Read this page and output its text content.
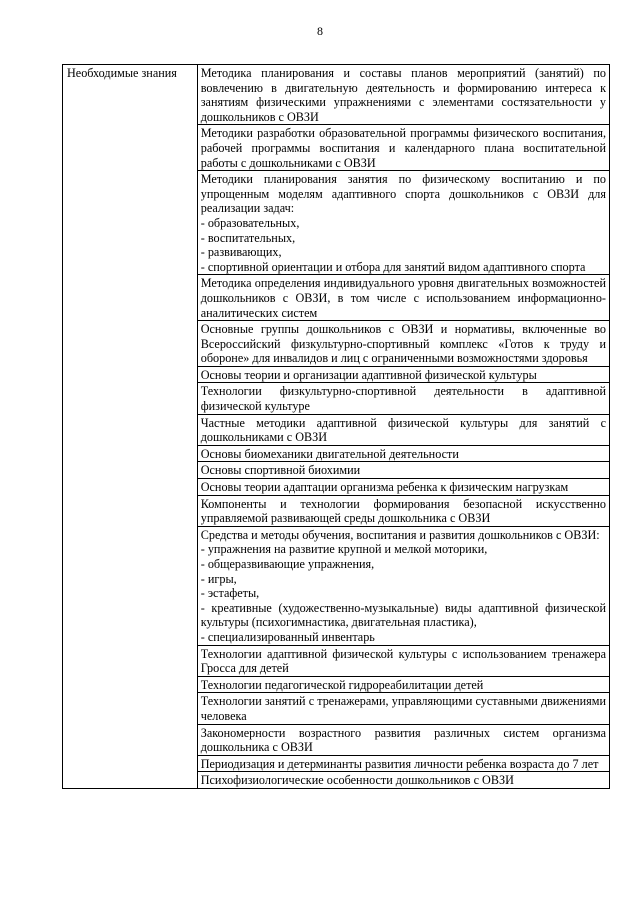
8
Необходимые знания	Методика планирования и составы планов мероприятий (занятий) по вовлечению в двигательную деятельность и формированию интереса к занятиям физическими упражнениями с элементами состязательности у дошкольников с ОВЗИ

Методики разработки образовательной программы физического воспитания, рабочей программы воспитания и календарного плана воспитательной работы с дошкольниками с ОВЗИ

Методики планирования занятия по физическому воспитанию и по упрощенным моделям адаптивного спорта дошкольников с ОВЗИ для реализации задач:
- образовательных,
- воспитательных,
- развивающих,
- спортивной ориентации и отбора для занятий видом адаптивного спорта

Методика определения индивидуального уровня двигательных возможностей дошкольников с ОВЗИ, в том числе с использованием информационно-аналитических систем

Основные группы дошкольников с ОВЗИ и нормативы, включенные во Всероссийский физкультурно-спортивный комплекс «Готов к труду и обороне» для инвалидов и лиц с ограниченными возможностями здоровья

Основы теории и организации адаптивной физической культуры

Технологии физкультурно-спортивной деятельности в адаптивной физической культуре

Частные методики адаптивной физической культуры для занятий с дошкольниками с ОВЗИ

Основы биомеханики двигательной деятельности

Основы спортивной биохимии

Основы теории адаптации организма ребенка к физическим нагрузкам

Компоненты и технологии формирования безопасной искусственно управляемой развивающей среды дошкольника с ОВЗИ

Средства и методы обучения, воспитания и развития дошкольников с ОВЗИ:
- упражнения на развитие крупной и мелкой моторики,
- общеразвивающие упражнения,
- игры,
- эстафеты,
- креативные (художественно-музыкальные) виды адаптивной физической культуры (психогимнастика, двигательная пластика),
- специализированный инвентарь

Технологии адаптивной физической культуры с использованием тренажера Гросса для детей

Технологии педагогической гидрореабилитации детей

Технологии занятий с тренажерами, управляющими суставными движениями человека

Закономерности возрастного развития различных систем организма дошкольника с ОВЗИ

Периодизация и детерминанты развития личности ребенка возраста до 7 лет

Психофизиологические особенности дошкольников с ОВЗИ
